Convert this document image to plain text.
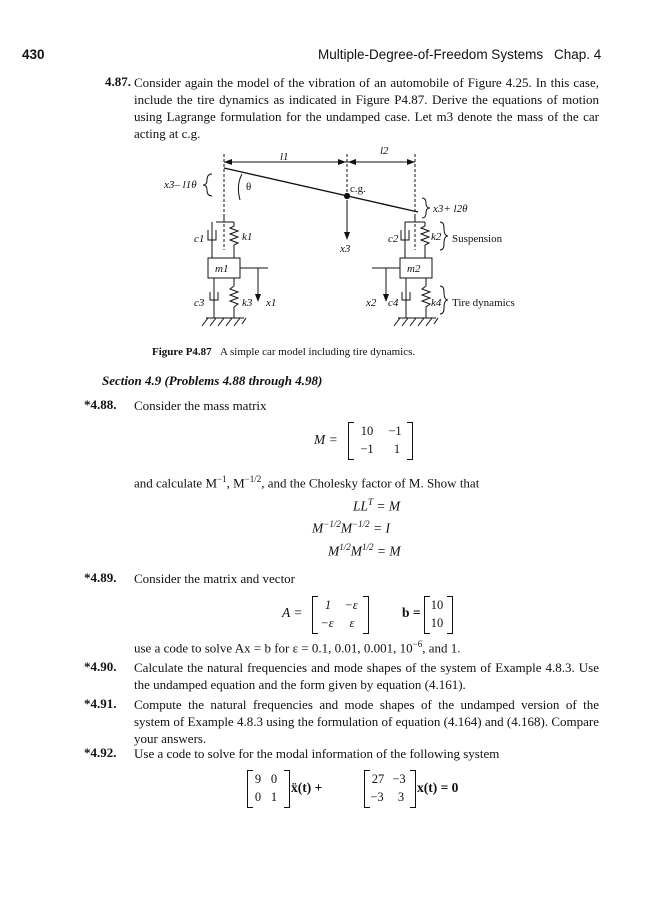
430	Multiple-Degree-of-Freedom Systems Chap. 4
4.87. Consider again the model of the vibration of an automobile of Figure 4.25. In this case, include the tire dynamics as indicated in Figure P4.87. Derive the equations of motion using Lagrange formulation for the undamped case. Let m3 denote the mass of the car acting at c.g.
l1	l2
x3– l1θ	θ	c.g.
x3+ l2θ
c1	k1
x3
c2	k2 Suspension
m1	m2
c3	k3 x1	x2 c4	k4 Tire dynamics
Figure P4.87 A simple car model including tire dynamics.
Section 4.9 (Problems 4.88 through 4.98)
*4.88. Consider the mass matrix
M =
10	−1
−1	1
and calculate $M^{-1}$, $M^{-1/2}$, and the Cholesky factor of M. Show that
$LL^T = M$
$M^{-1/2}M^{-1/2} = I$
$M^{1/2}M^{1/2} = M$
*4.89. Consider the matrix and vector
A =	1	−ε
−ε	ε
b = 10
10
use a code to solve Ax = b for ε = 0.1, 0.01, 0.001, $10^{-6}$, and 1.
*4.90. Calculate the natural frequencies and mode shapes of the system of Example 4.8.3. Use the undamped equation and the form given by equation (4.161).
*4.91. Compute the natural frequencies and mode shapes of the undamped version of the system of Example 4.8.3 using the formulation of equation (4.164) and (4.168). Compare your answers.
*4.92. Use a code to solve for the modal information of the following system
9 0
0 1
ẍ(t) +
27 −3
−3	3
x(t) = 0
